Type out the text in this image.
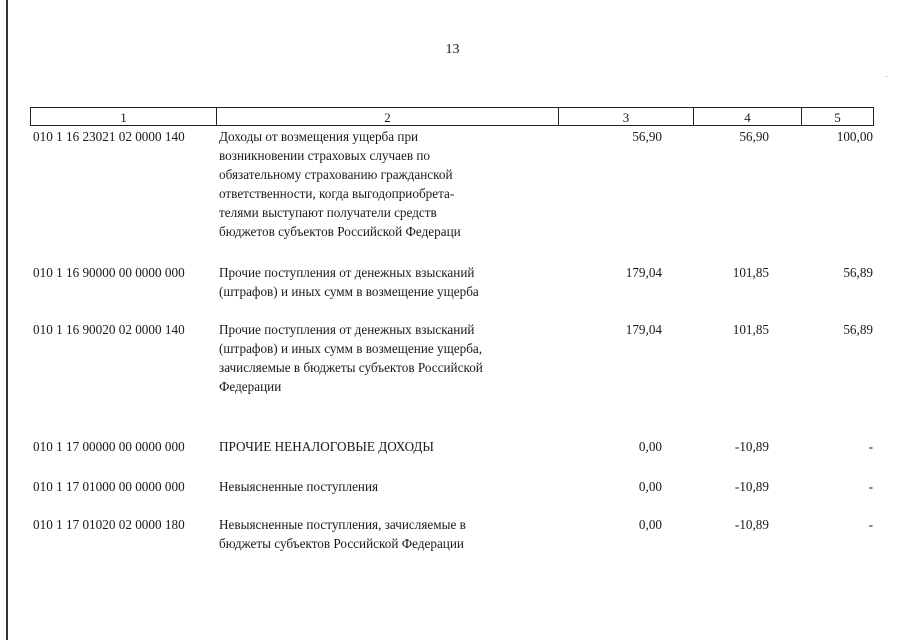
13
1	2	3	4	5
010 1 16 23021 02 0000 140	Доходы от возмещения ущерба при
возникновении страховых случаев по
обязательному страхованию гражданской
ответственности, когда выгодоприобрета-
телями выступают получатели средств
бюджетов субъектов Российской Федераци
56,90	56,90	100,00
010 1 16 90000 00 0000 000	Прочие поступления от денежных взысканий
(штрафов) и иных сумм в возмещение ущерба
179,04	101,85	56,89
010 1 16 90020 02 0000 140	Прочие поступления от денежных взысканий
(штрафов) и иных сумм в возмещение ущерба,
зачисляемые в бюджеты субъектов Российской
Федерации
179,04	101,85	56,89
010 1 17 00000 00 0000 000	ПРОЧИЕ НЕНАЛОГОВЫЕ ДОХОДЫ	0,00	-10,89	-
010 1 17 01000 00 0000 000	Невыясненные поступления	0,00	-10,89	-
010 1 17 01020 02 0000 180	Невыясненные поступления, зачисляемые в
бюджеты субъектов Российской Федерации
0,00	-10,89	-
